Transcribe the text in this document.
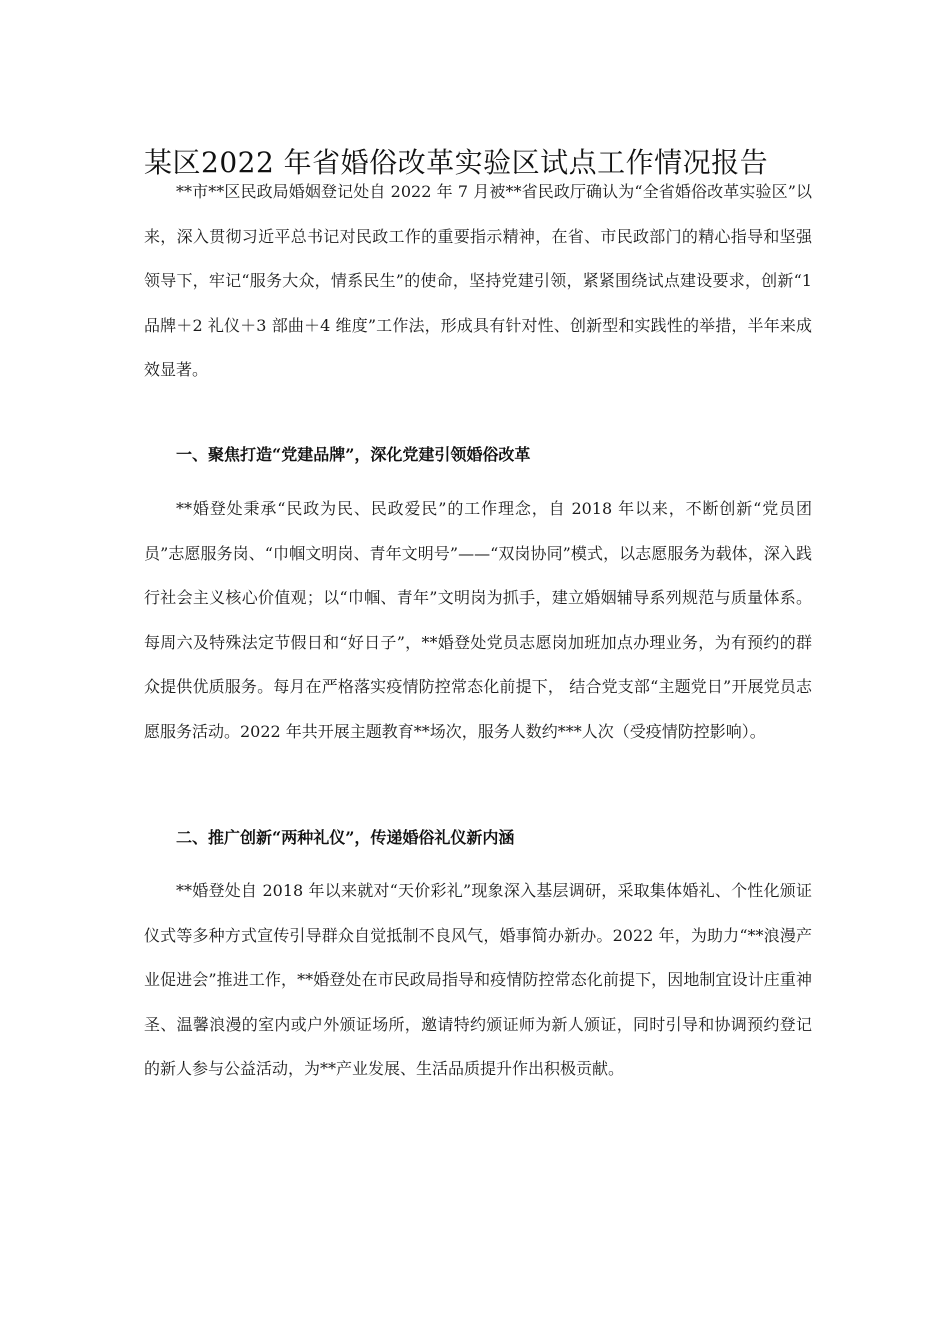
某区2022 年省婚俗改革实验区试点工作情况报告

**市**区民政局婚姻登记处自 2022 年 7 月被**省民政厅确认为“全省婚俗改革实验区”以来，深入贯彻习近平总书记对民政工作的重要指示精神，在省、市民政部门的精心指导和坚强领导下，牢记“服务大众，情系民生”的使命，坚持党建引领，紧紧围绕试点建设要求，创新“1 品牌＋2 礼仪＋3 部曲＋4 维度”工作法，形成具有针对性、创新型和实践性的举措，半年来成效显著。

一、聚焦打造“党建品牌”，深化党建引领婚俗改革

**婚登处秉承“民政为民、民政爱民”的工作理念，自 2018 年以来，不断创新“党员团员”志愿服务岗、“巾帼文明岗、青年文明号”——“双岗协同”模式，以志愿服务为载体，深入践行社会主义核心价值观；以“巾帼、青年”文明岗为抓手，建立婚姻辅导系列规范与质量体系。每周六及特殊法定节假日和“好日子”，**婚登处党员志愿岗加班加点办理业务，为有预约的群众提供优质服务。每月在严格落实疫情防控常态化前提下， 结合党支部“主题党日”开展党员志愿服务活动。2022 年共开展主题教育**场次，服务人数约***人次（受疫情防控影响）。

二、推广创新“两种礼仪”，传递婚俗礼仪新内涵

**婚登处自 2018 年以来就对“天价彩礼”现象深入基层调研，采取集体婚礼、个性化颁证仪式等多种方式宣传引导群众自觉抵制不良风气，婚事简办新办。2022 年，为助力“**浪漫产业促进会”推进工作，**婚登处在市民政局指导和疫情防控常态化前提下，因地制宜设计庄重神圣、温馨浪漫的室内或户外颁证场所，邀请特约颁证师为新人颁证，同时引导和协调预约登记的新人参与公益活动，为**产业发展、生活品质提升作出积极贡献。
